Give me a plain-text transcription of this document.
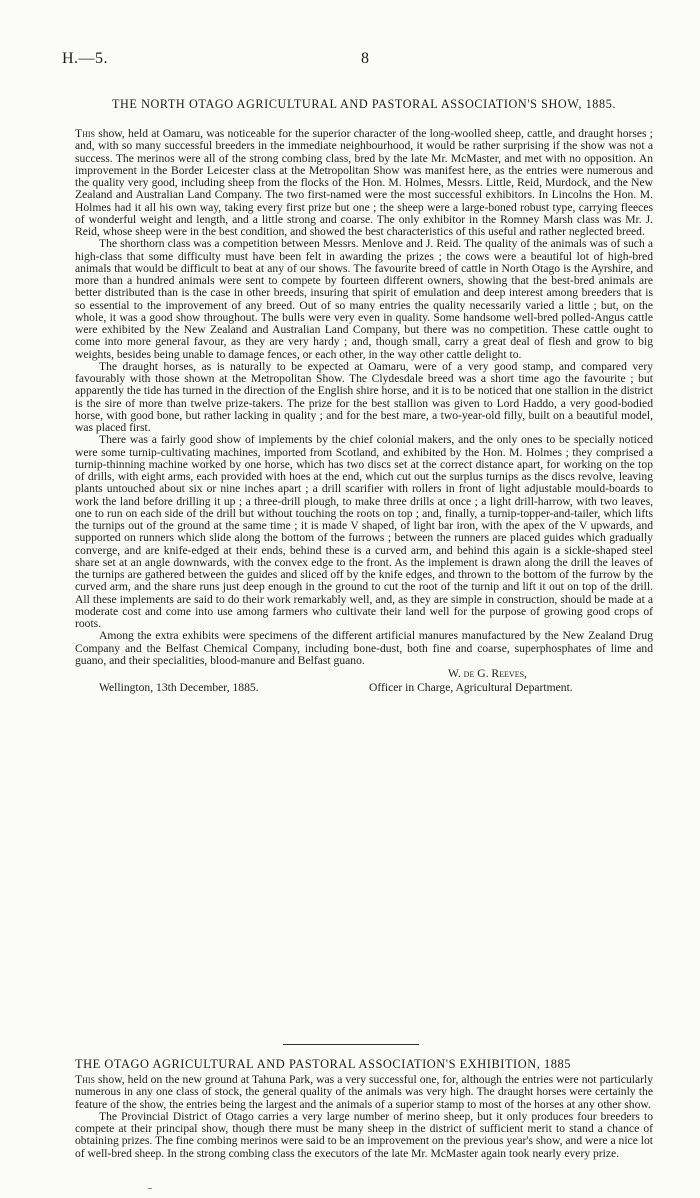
H.—5.	8
THE NORTH OTAGO AGRICULTURAL AND PASTORAL ASSOCIATION'S SHOW, 1885.

This show, held at Oamaru, was noticeable for the superior character of the long-woolled sheep, cattle, and draught horses ; and, with so many successful breeders in the immediate neighbourhood, it would be rather surprising if the show was not a success. The merinos were all of the strong combing class, bred by the late Mr. McMaster, and met with no opposition. An improvement in the Border Leicester class at the Metropolitan Show was manifest here, as the entries were numerous and the quality very good, including sheep from the flocks of the Hon. M. Holmes, Messrs. Little, Reid, Murdock, and the New Zealand and Australian Land Company. The two first-named were the most successful exhibitors. In Lincolns the Hon. M. Holmes had it all his own way, taking every first prize but one ; the sheep were a large-boned robust type, carrying fleeces of wonderful weight and length, and a little strong and coarse. The only exhibitor in the Romney Marsh class was Mr. J. Reid, whose sheep were in the best condition, and showed the best characteristics of this useful and rather neglected breed.

The shorthorn class was a competition between Messrs. Menlove and J. Reid. The quality of the animals was of such a high-class that some difficulty must have been felt in awarding the prizes ; the cows were a beautiful lot of high-bred animals that would be difficult to beat at any of our shows. The favourite breed of cattle in North Otago is the Ayrshire, and more than a hundred animals were sent to compete by fourteen different owners, showing that the best-bred animals are better distributed than is the case in other breeds, insuring that spirit of emulation and deep interest among breeders that is so essential to the improvement of any breed. Out of so many entries the quality necessarily varied a little ; but, on the whole, it was a good show throughout. The bulls were very even in quality. Some handsome well-bred polled-Angus cattle were exhibited by the New Zealand and Australian Land Company, but there was no competition. These cattle ought to come into more general favour, as they are very hardy ; and, though small, carry a great deal of flesh and grow to big weights, besides being unable to damage fences, or each other, in the way other cattle delight to.

The draught horses, as is naturally to be expected at Oamaru, were of a very good stamp, and compared very favourably with those shown at the Metropolitan Show. The Clydesdale breed was a short time ago the favourite ; but apparently the tide has turned in the direction of the English shire horse, and it is to be noticed that one stallion in the district is the sire of more than twelve prize-takers. The prize for the best stallion was given to Lord Haddo, a very good-bodied horse, with good bone, but rather lacking in quality ; and for the best mare, a two-year-old filly, built on a beautiful model, was placed first.

There was a fairly good show of implements by the chief colonial makers, and the only ones to be specially noticed were some turnip-cultivating machines, imported from Scotland, and exhibited by the Hon. M. Holmes ; they comprised a turnip-thinning machine worked by one horse, which has two discs set at the correct distance apart, for working on the top of drills, with eight arms, each provided with hoes at the end, which cut out the surplus turnips as the discs revolve, leaving plants untouched about six or nine inches apart ; a drill scarifier with rollers in front of light adjustable mould-boards to work the land before drilling it up ; a three-drill plough, to make three drills at once ; a light drill-harrow, with two leaves, one to run on each side of the drill but without touching the roots on top ; and, finally, a turnip-topper-and-tailer, which lifts the turnips out of the ground at the same time ; it is made V shaped, of light bar iron, with the apex of the V upwards, and supported on runners which slide along the bottom of the furrows ; between the runners are placed guides which gradually converge, and are knife-edged at their ends, behind these is a curved arm, and behind this again is a sickle-shaped steel share set at an angle downwards, with the convex edge to the front. As the implement is drawn along the drill the leaves of the turnips are gathered between the guides and sliced off by the knife edges, and thrown to the bottom of the furrow by the curved arm, and the share runs just deep enough in the ground to cut the root of the turnip and lift it out on top of the drill. All these implements are said to do their work remarkably well, and, as they are simple in construction, should be made at a moderate cost and come into use among farmers who cultivate their land well for the purpose of growing good crops of roots.

Among the extra exhibits were specimens of the different artificial manures manufactured by the New Zealand Drug Company and the Belfast Chemical Company, including bone-dust, both fine and coarse, superphosphates of lime and guano, and their specialities, blood-manure and Belfast guano.

W. de G. Reeves,
Wellington, 13th December, 1885.	Officer in Charge, Agricultural Department.
THE OTAGO AGRICULTURAL AND PASTORAL ASSOCIATION'S EXHIBITION, 1885

This show, held on the new ground at Tahuna Park, was a very successful one, for, although the entries were not particularly numerous in any one class of stock, the general quality of the animals was very high. The draught horses were certainly the feature of the show, the entries being the largest and the animals of a superior stamp to most of the horses at any other show.

The Provincial District of Otago carries a very large number of merino sheep, but it only produces four breeders to compete at their principal show, though there must be many sheep in the district of sufficient merit to stand a chance of obtaining prizes. The fine combing merinos were said to be an improvement on the previous year's show, and were a nice lot of well-bred sheep. In the strong combing class the executors of the late Mr. McMaster again took nearly every prize.
